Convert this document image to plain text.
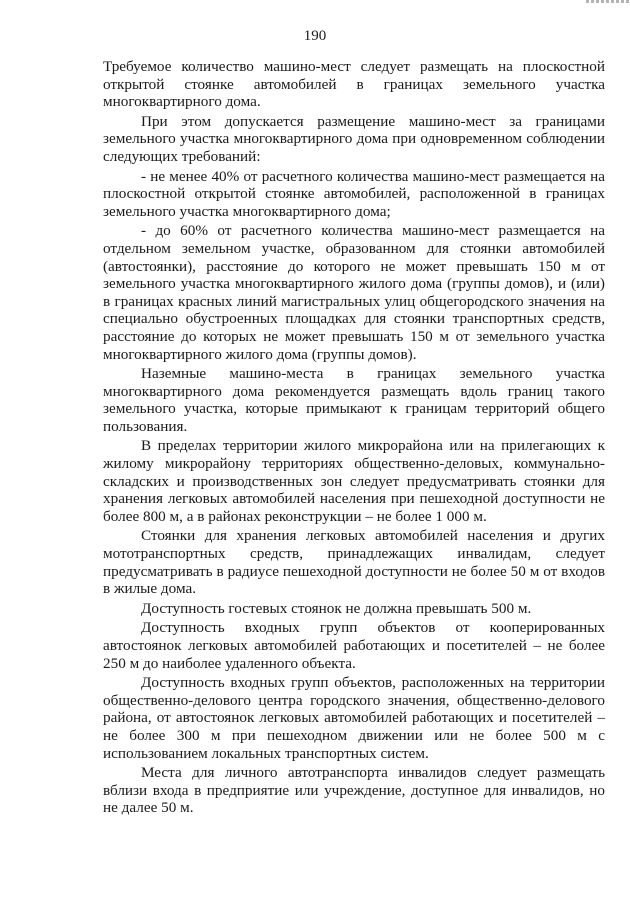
190

Требуемое количество машино-мест следует размещать на плоскостной открытой стоянке автомобилей в границах земельного участка многоквартирного дома.

При этом допускается размещение машино-мест за границами земельного участка многоквартирного дома при одновременном соблюдении следующих требований:

- не менее 40% от расчетного количества машино-мест размещается на плоскостной открытой стоянке автомобилей, расположенной в границах земельного участка многоквартирного дома;

- до 60% от расчетного количества машино-мест размещается на отдельном земельном участке, образованном для стоянки автомобилей (автостоянки), расстояние до которого не может превышать 150 м от земельного участка многоквартирного жилого дома (группы домов), и (или) в границах красных линий магистральных улиц общегородского значения на специально обустроенных площадках для стоянки транспортных средств, расстояние до которых не может превышать 150 м от земельного участка многоквартирного жилого дома (группы домов).

Наземные машино-места в границах земельного участка многоквартирного дома рекомендуется размещать вдоль границ такого земельного участка, которые примыкают к границам территорий общего пользования.

В пределах территории жилого микрорайона или на прилегающих к жилому микрорайону территориях общественно-деловых, коммунально-складских и производственных зон следует предусматривать стоянки для хранения легковых автомобилей населения при пешеходной доступности не более 800 м, а в районах реконструкции – не более 1 000 м.

Стоянки для хранения легковых автомобилей населения и других мототранспортных средств, принадлежащих инвалидам, следует предусматривать в радиусе пешеходной доступности не более 50 м от входов в жилые дома.

Доступность гостевых стоянок не должна превышать 500 м.

Доступность входных групп объектов от кооперированных автостоянок легковых автомобилей работающих и посетителей – не более 250 м до наиболее удаленного объекта.

Доступность входных групп объектов, расположенных на территории общественно-делового центра городского значения, общественно-делового района, от автостоянок легковых автомобилей работающих и посетителей – не более 300 м при пешеходном движении или не более 500 м с использованием локальных транспортных систем.

Места для личного автотранспорта инвалидов следует размещать вблизи входа в предприятие или учреждение, доступное для инвалидов, но не далее 50 м.
